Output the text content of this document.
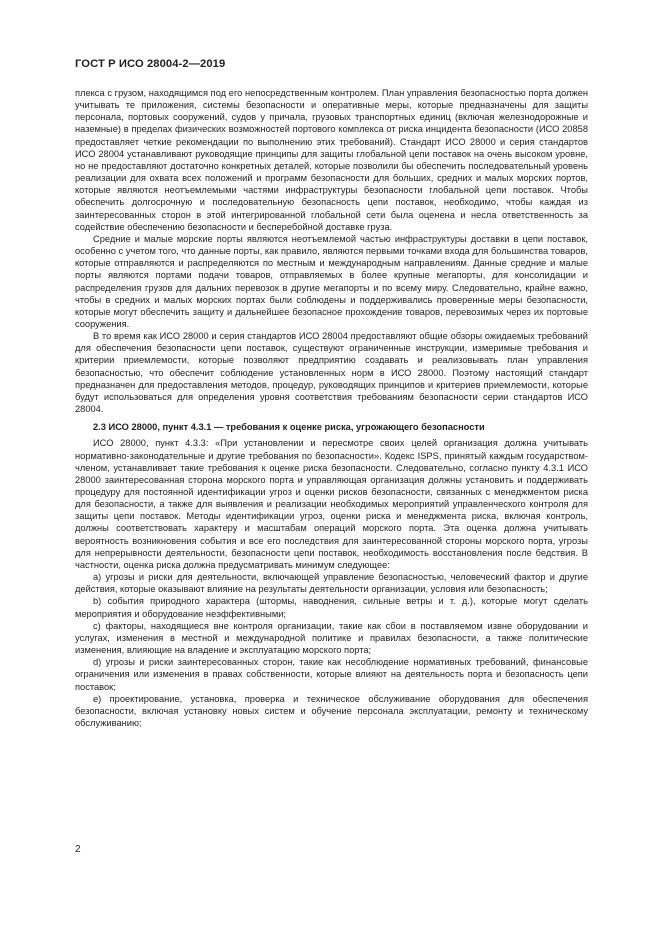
ГОСТ Р ИСО 28004-2—2019

плекса с грузом, находящимся под его непосредственным контролем. План управления безопасностью порта должен учитывать те приложения, системы безопасности и оперативные меры, которые предназначены для защиты персонала, портовых сооружений, судов у причала, грузовых транспортных единиц (включая железнодорожные и наземные) в пределах физических возможностей портового комплекса от риска инцидента безопасности (ИСО 20858 предоставляет четкие рекомендации по выполнению этих требований). Стандарт ИСО 28000 и серия стандартов ИСО 28004 устанавливают руководящие принципы для защиты глобальной цепи поставок на очень высоком уровне, но не предоставляют достаточно конкретных деталей, которые позволили бы обеспечить последовательный уровень реализации для охвата всех положений и программ безопасности для больших, средних и малых морских портов, которые являются неотъемлемыми частями инфраструктуры безопасности глобальной цепи поставок. Чтобы обеспечить долгосрочную и последовательную безопасность цепи поставок, необходимо, чтобы каждая из заинтересованных сторон в этой интегрированной глобальной сети была оценена и несла ответственность за содействие обеспечению безопасности и бесперебойной доставке груза.

Средние и малые морские порты являются неотъемлемой частью инфраструктуры доставки в цепи поставок, особенно с учетом того, что данные порты, как правило, являются первыми точками входа для большинства товаров, которые отправляются и распределяются по местным и международным направлениям. Данные средние и малые порты являются портами подачи товаров, отправляемых в более крупные мегапорты, для консолидации и распределения грузов для дальних перевозок в другие мегапорты и по всему миру. Следовательно, крайне важно, чтобы в средних и малых морских портах были соблюдены и поддерживались проверенные меры безопасности, которые могут обеспечить защиту и дальнейшее безопасное прохождение товаров, перевозимых через их портовые сооружения.

В то время как ИСО 28000 и серия стандартов ИСО 28004 предоставляют общие обзоры ожидаемых требований для обеспечения безопасности цепи поставок, существуют ограниченные инструкции, измеримые требования и критерии приемлемости, которые позволяют предприятию создавать и реализовывать план управления безопасностью, что обеспечит соблюдение установленных норм в ИСО 28000. Поэтому настоящий стандарт предназначен для предоставления методов, процедур, руководящих принципов и критериев приемлемости, которые будут использоваться для определения уровня соответствия требованиям безопасности серии стандартов ИСО 28004.

2.3 ИСО 28000, пункт 4.3.1 — требования к оценке риска, угрожающего безопасности

ИСО 28000, пункт 4.3.3: «При установлении и пересмотре своих целей организация должна учитывать нормативно-законодательные и другие требования по безопасности». Кодекс ISPS, принятый каждым государством-членом, устанавливает такие требования к оценке риска безопасности. Следовательно, согласно пункту 4.3.1 ИСО 28000 заинтересованная сторона морского порта и управляющая организация должны установить и поддерживать процедуру для постоянной идентификации угроз и оценки рисков безопасности, связанных с менеджментом риска для безопасности, а также для выявления и реализации необходимых мероприятий управленческого контроля для защиты цепи поставок. Методы идентификации угроз, оценки риска и менеджмента риска, включая контроль, должны соответствовать характеру и масштабам операций морского порта. Эта оценка должна учитывать вероятность возникновения события и все его последствия для заинтересованной стороны морского порта, угрозы для непрерывности деятельности, безопасности цепи поставок, необходимость восстановления после бедствия. В частности, оценка риска должна предусматривать минимум следующее:

а) угрозы и риски для деятельности, включающей управление безопасностью, человеческий фактор и другие действия, которые оказывают влияние на результаты деятельности организации, условия или безопасность;

b) события природного характера (штормы, наводнения, сильные ветры и т. д.), которые могут сделать мероприятия и оборудование неэффективными;

с) факторы, находящиеся вне контроля организации, такие как сбои в поставляемом извне оборудовании и услугах, изменения в местной и международной политике и правилах безопасности, а также политические изменения, влияющие на владение и эксплуатацию морского порта;

d) угрозы и риски заинтересованных сторон, такие как несоблюдение нормативных требований, финансовые ограничения или изменения в правах собственности, которые влияют на деятельность порта и безопасность цепи поставок;

е) проектирование, установка, проверка и техническое обслуживание оборудования для обеспечения безопасности, включая установку новых систем и обучение персонала эксплуатации, ремонту и техническому обслуживанию;

2
